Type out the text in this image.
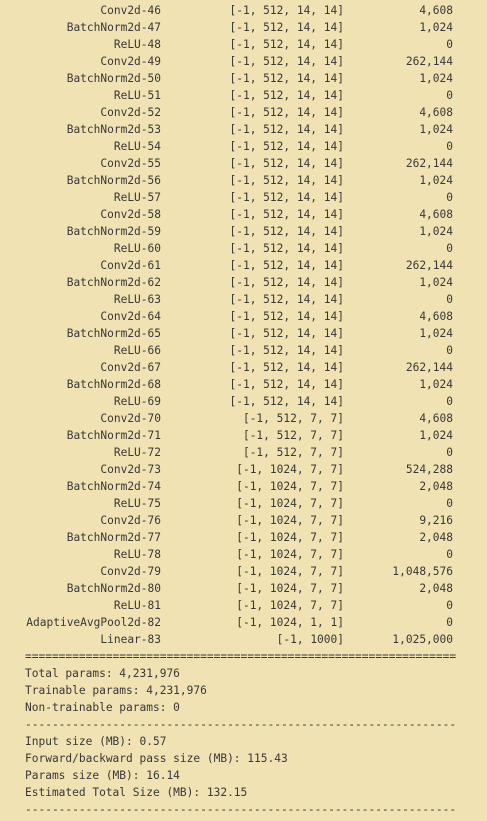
Conv2d-46	[-1, 512, 14, 14]	4,608
BatchNorm2d-47	[-1, 512, 14, 14]	1,024
ReLU-48	[-1, 512, 14, 14]	0
Conv2d-49	[-1, 512, 14, 14]	262,144
BatchNorm2d-50	[-1, 512, 14, 14]	1,024
ReLU-51	[-1, 512, 14, 14]	0
Conv2d-52	[-1, 512, 14, 14]	4,608
BatchNorm2d-53	[-1, 512, 14, 14]	1,024
ReLU-54	[-1, 512, 14, 14]	0
Conv2d-55	[-1, 512, 14, 14]	262,144
BatchNorm2d-56	[-1, 512, 14, 14]	1,024
ReLU-57	[-1, 512, 14, 14]	0
Conv2d-58	[-1, 512, 14, 14]	4,608
BatchNorm2d-59	[-1, 512, 14, 14]	1,024
ReLU-60	[-1, 512, 14, 14]	0
Conv2d-61	[-1, 512, 14, 14]	262,144
BatchNorm2d-62	[-1, 512, 14, 14]	1,024
ReLU-63	[-1, 512, 14, 14]	0
Conv2d-64	[-1, 512, 14, 14]	4,608
BatchNorm2d-65	[-1, 512, 14, 14]	1,024
ReLU-66	[-1, 512, 14, 14]	0
Conv2d-67	[-1, 512, 14, 14]	262,144
BatchNorm2d-68	[-1, 512, 14, 14]	1,024
ReLU-69	[-1, 512, 14, 14]	0
Conv2d-70	[-1, 512, 7, 7]	4,608
BatchNorm2d-71	[-1, 512, 7, 7]	1,024
ReLU-72	[-1, 512, 7, 7]	0
Conv2d-73	[-1, 1024, 7, 7]	524,288
BatchNorm2d-74	[-1, 1024, 7, 7]	2,048
ReLU-75	[-1, 1024, 7, 7]	0
Conv2d-76	[-1, 1024, 7, 7]	9,216
BatchNorm2d-77	[-1, 1024, 7, 7]	2,048
ReLU-78	[-1, 1024, 7, 7]	0
Conv2d-79	[-1, 1024, 7, 7]	1,048,576
BatchNorm2d-80	[-1, 1024, 7, 7]	2,048
ReLU-81	[-1, 1024, 7, 7]	0
AdaptiveAvgPool2d-82	[-1, 1024, 1, 1]	0
Linear-83	[-1, 1000]	1,025,000
================================================================
Total params: 4,231,976
Trainable params: 4,231,976
Non-trainable params: 0
----------------------------------------------------------------
Input size (MB): 0.57
Forward/backward pass size (MB): 115.43
Params size (MB): 16.14
Estimated Total Size (MB): 132.15
----------------------------------------------------------------
